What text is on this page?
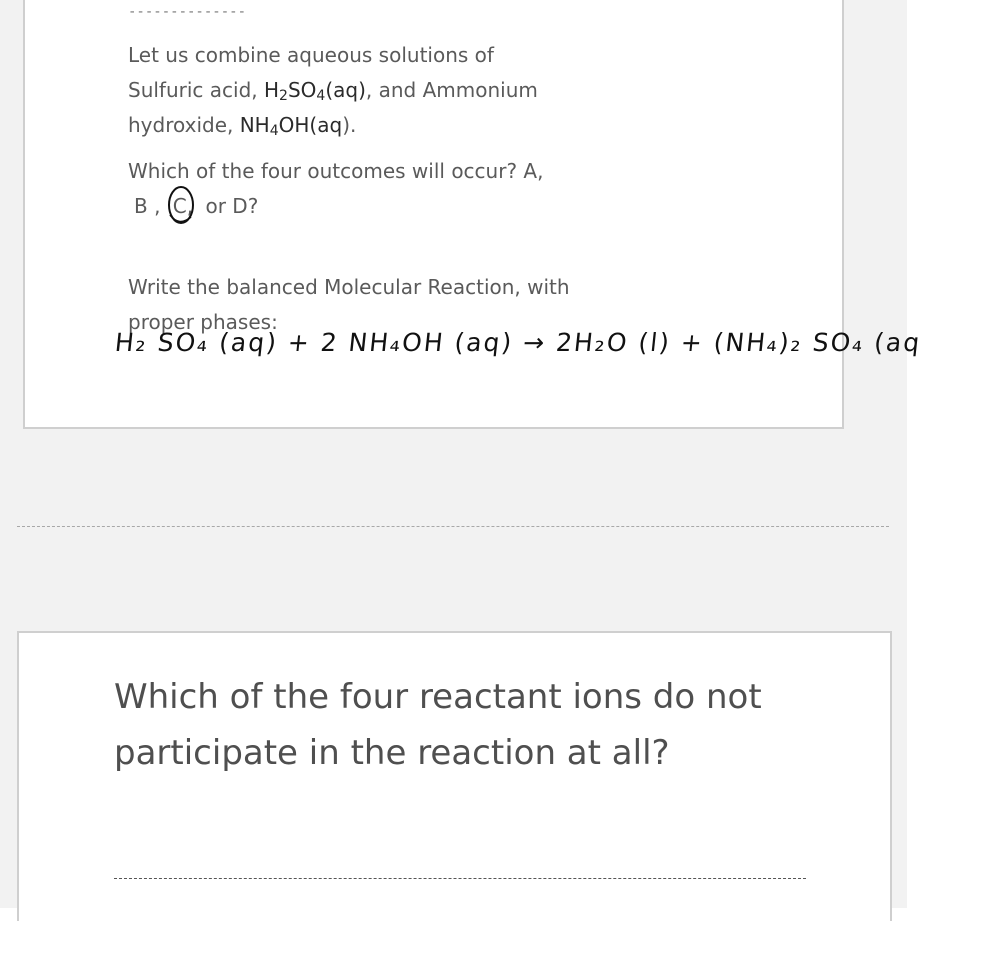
--------------

Let us combine aqueous solutions of
Sulfuric acid, $H_2SO_4(aq)$, and Ammonium
hydroxide, $NH_4OH(aq)$.

Which of the four outcomes will occur? A,
B , C, or D?

Write the balanced Molecular Reaction, with
proper phases:

H₂ SO₄ (aq) + 2 NH₄OH (aq) → 2H₂O (l) + (NH₄)₂ SO₄ (aq

Which of the four reactant ions do not
participate in the reaction at all?
